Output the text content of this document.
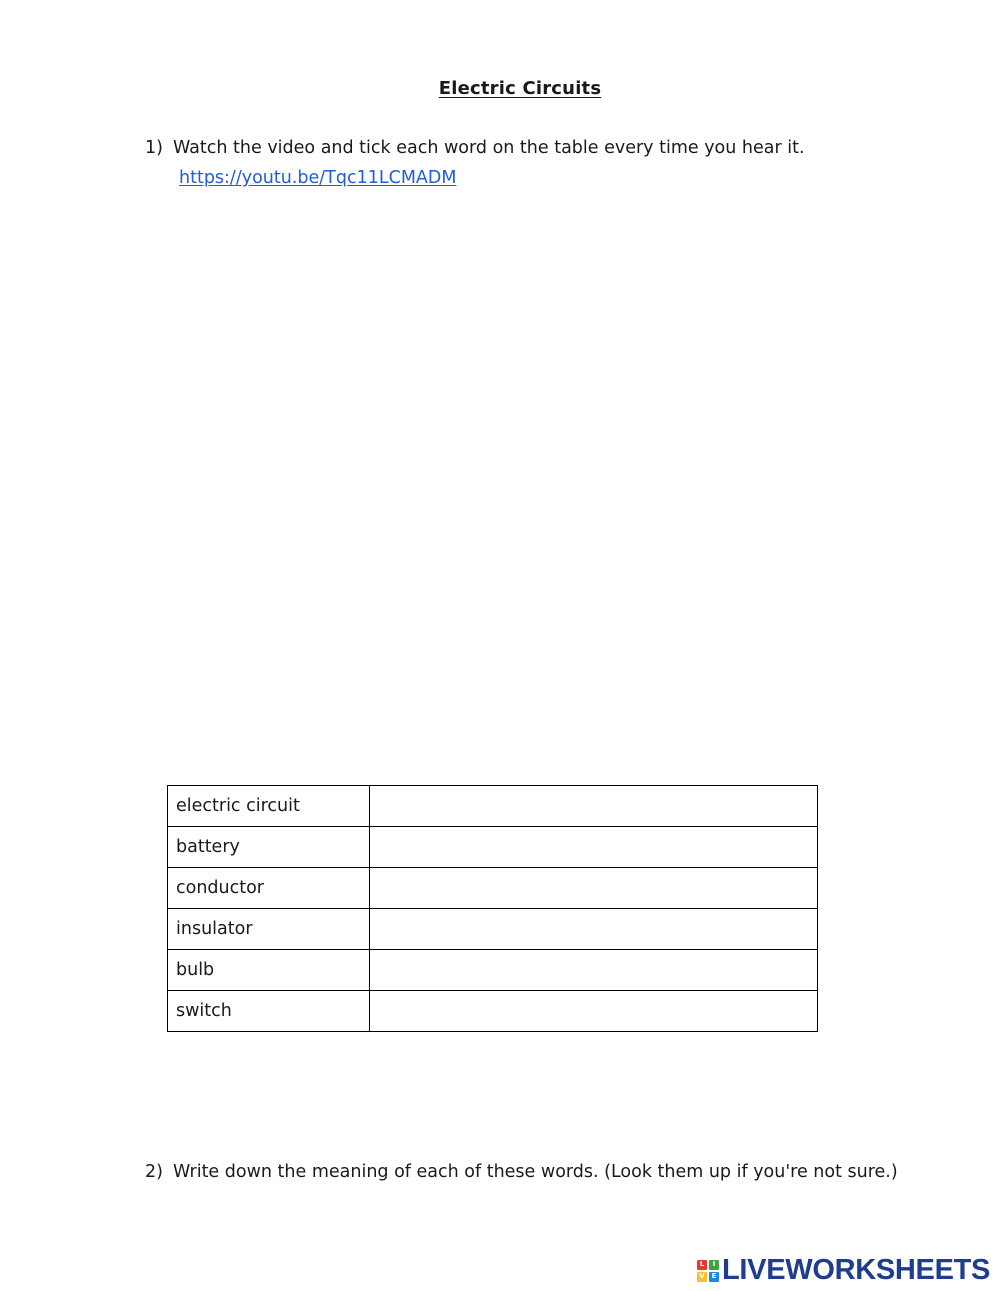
Electric Circuits
1) Watch the video and tick each word on the table every time you hear it.
https://youtu.be/Tqc11LCMADM
electric circuit	
battery	
conductor	
insulator	
bulb	
switch	
2) Write down the meaning of each of these words. (Look them up if you're not sure.)
L	I
V E LIVEWORKSHEETS
